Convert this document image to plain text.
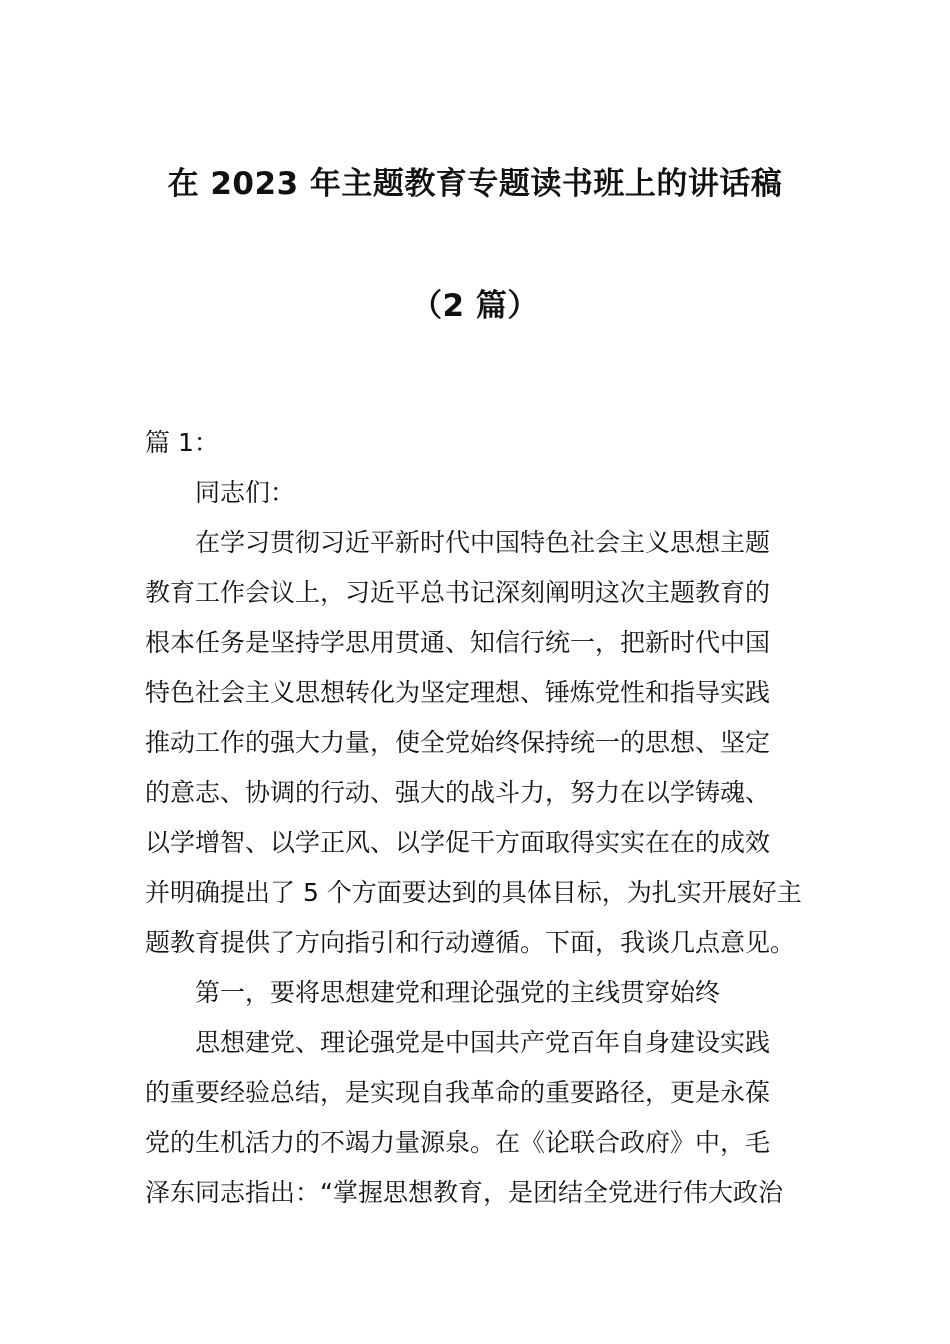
在 2023 年主题教育专题读书班上的讲话稿
（2 篇）
篇 1：
同志们：
在学习贯彻习近平新时代中国特色社会主义思想主题
教育工作会议上，习近平总书记深刻阐明这次主题教育的
根本任务是坚持学思用贯通、知信行统一，把新时代中国
特色社会主义思想转化为坚定理想、锤炼党性和指导实践
推动工作的强大力量，使全党始终保持统一的思想、坚定
的意志、协调的行动、强大的战斗力，努力在以学铸魂、
以学增智、以学正风、以学促干方面取得实实在在的成效
并明确提出了 5 个方面要达到的具体目标，为扎实开展好主
题教育提供了方向指引和行动遵循。下面，我谈几点意见。
第一，要将思想建党和理论强党的主线贯穿始终
思想建党、理论强党是中国共产党百年自身建设实践
的重要经验总结，是实现自我革命的重要路径，更是永葆
党的生机活力的不竭力量源泉。在《论联合政府》中，毛
泽东同志指出：“掌握思想教育，是团结全党进行伟大政治
